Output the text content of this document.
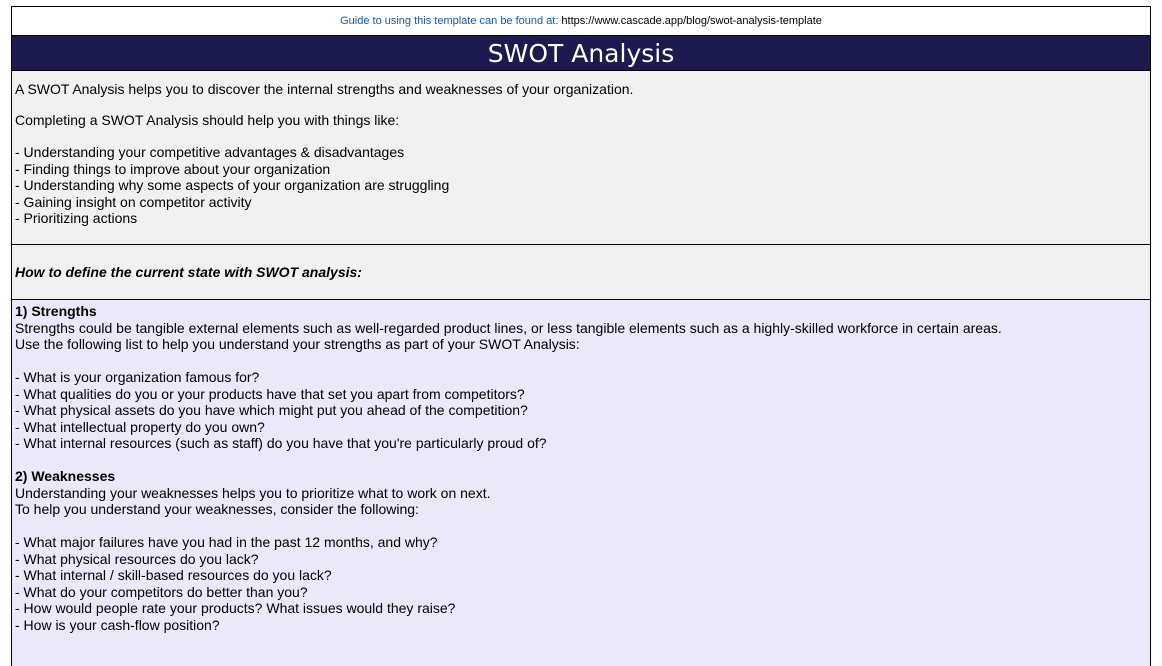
Guide to using this template can be found at: https://www.cascade.app/blog/swot-analysis-template
SWOT Analysis

A SWOT Analysis helps you to discover the internal strengths and weaknesses of your organization.

Completing a SWOT Analysis should help you with things like:

- Understanding your competitive advantages & disadvantages

- Finding things to improve about your organization

- Understanding why some aspects of your organization are struggling

- Gaining insight on competitor activity

- Prioritizing actions

How to define the current state with SWOT analysis:
1) Strengths
Strengths could be tangible external elements such as well-regarded product lines, or less tangible elements such as a highly-skilled workforce in certain areas.
Use the following list to help you understand your strengths as part of your SWOT Analysis:
- What is your organization famous for?
- What qualities do you or your products have that set you apart from competitors?
- What physical assets do you have which might put you ahead of the competition?
- What intellectual property do you own?
- What internal resources (such as staff) do you have that you're particularly proud of?
2) Weaknesses
Understanding your weaknesses helps you to prioritize what to work on next.
To help you understand your weaknesses, consider the following:
- What major failures have you had in the past 12 months, and why?
- What physical resources do you lack?
- What internal / skill-based resources do you lack?
- What do your competitors do better than you?
- How would people rate your products? What issues would they raise?
- How is your cash-flow position?
